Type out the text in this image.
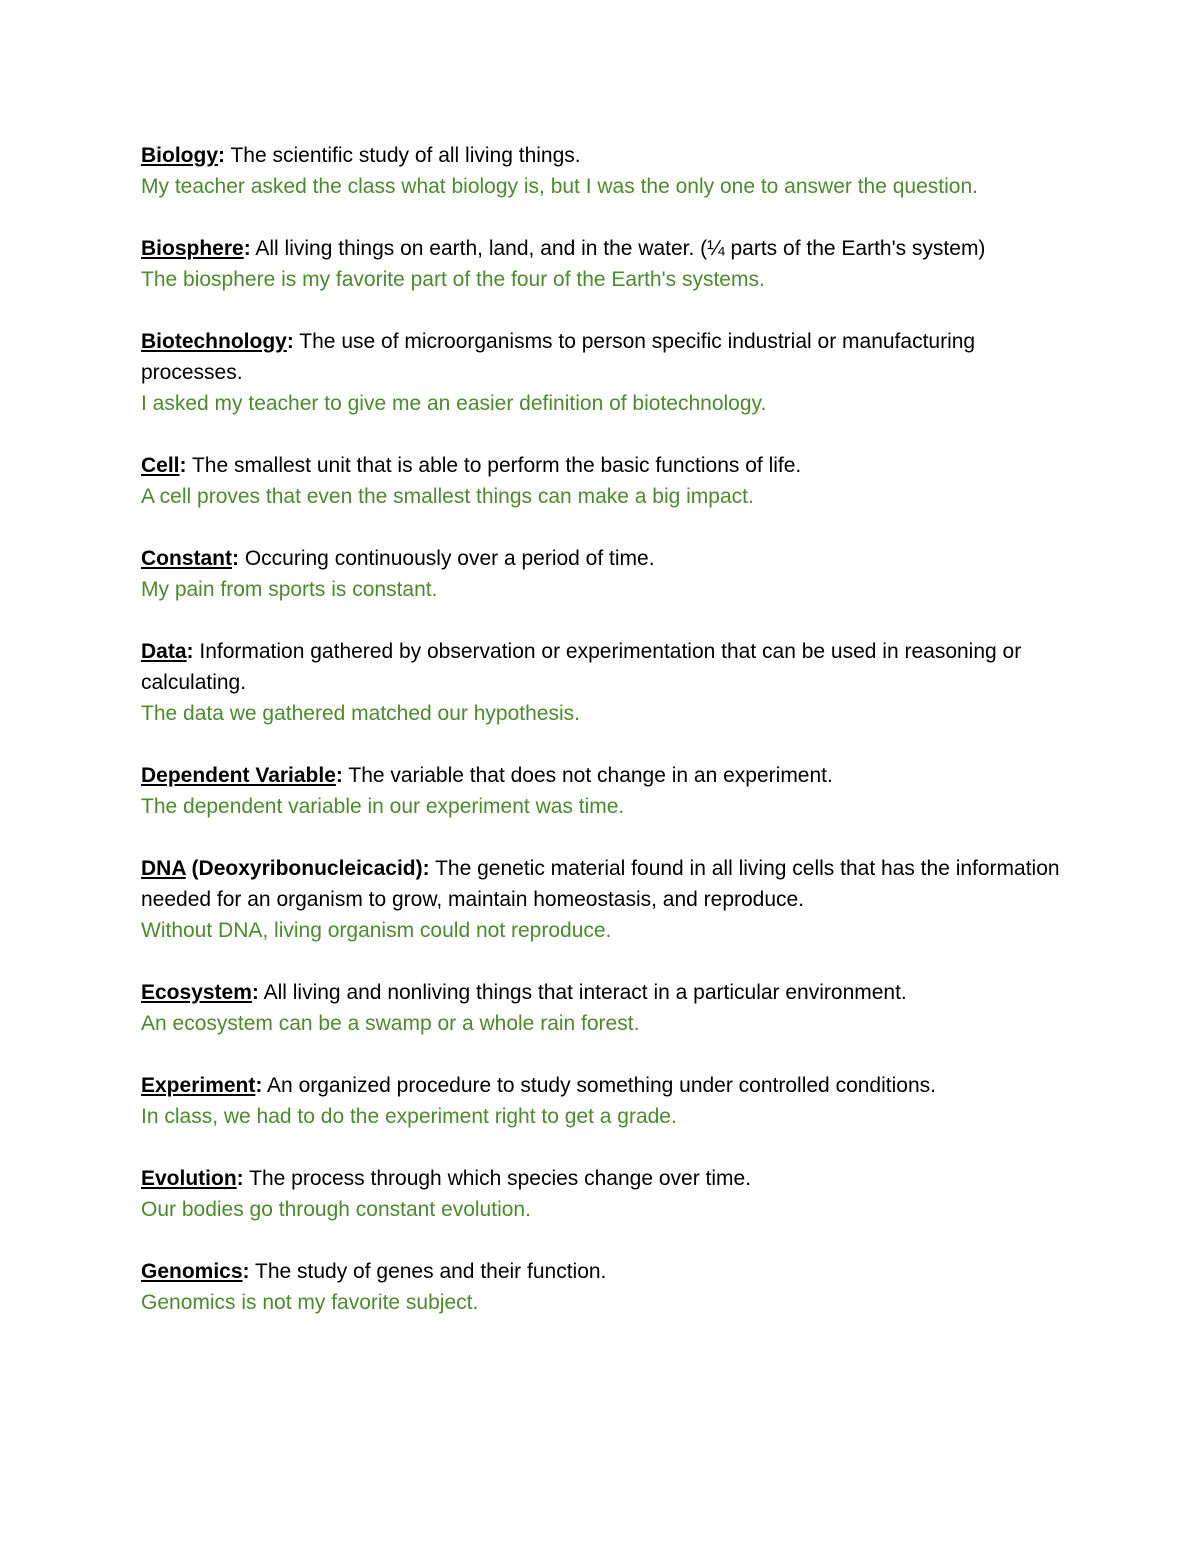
Biology: The scientific study of all living things.

My teacher asked the class what biology is, but I was the only one to answer the question.

Biosphere: All living things on earth, land, and in the water. (¼ parts of the Earth's system)

The biosphere is my favorite part of the four of the Earth's systems.

Biotechnology: The use of microorganisms to person specific industrial or manufacturing processes.

I asked my teacher to give me an easier definition of biotechnology.

Cell: The smallest unit that is able to perform the basic functions of life.

A cell proves that even the smallest things can make a big impact.

Constant: Occuring continuously over a period of time.

My pain from sports is constant.

Data: Information gathered by observation or experimentation that can be used in reasoning or calculating.

The data we gathered matched our hypothesis.

Dependent Variable: The variable that does not change in an experiment.

The dependent variable in our experiment was time.

DNA (Deoxyribonucleicacid): The genetic material found in all living cells that has the information needed for an organism to grow, maintain homeostasis, and reproduce.

Without DNA, living organism could not reproduce.

Ecosystem: All living and nonliving things that interact in a particular environment.

An ecosystem can be a swamp or a whole rain forest.

Experiment: An organized procedure to study something under controlled conditions.

In class, we had to do the experiment right to get a grade.

Evolution: The process through which species change over time.

Our bodies go through constant evolution.

Genomics: The study of genes and their function.

Genomics is not my favorite subject.
